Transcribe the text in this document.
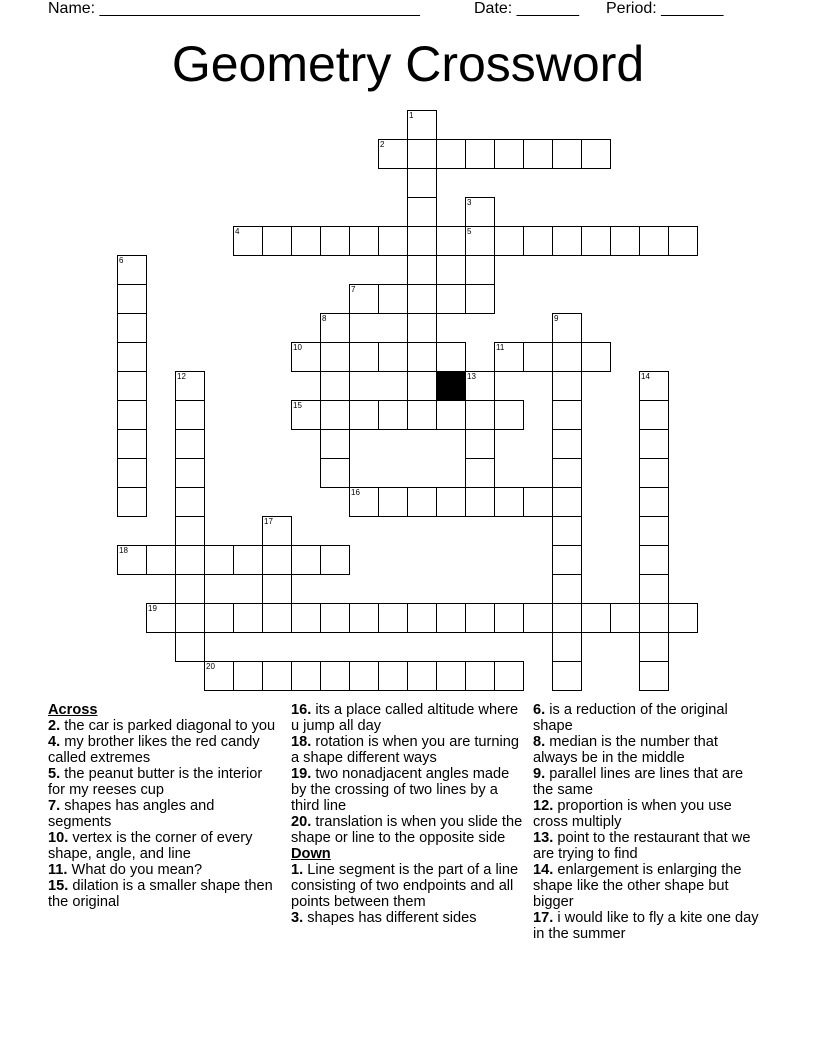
Name: ____________________________________	Date: _______ Period: _______
Geometry Crossword
1
2
3
5
4
6
7
8	9
10	11
12	13	14
15
16
17
18
19
20
Across
2. the car is parked diagonal to you
4. my brother likes the red candy called extremes
5. the peanut butter is the interior for my reeses cup
7. shapes has angles and segments
10. vertex is the corner of every shape, angle, and line
11. What do you mean?
15. dilation is a smaller shape then the original
16. its a place called altitude where u jump all day
18. rotation is when you are turning a shape different ways
19. two nonadjacent angles made by the crossing of two lines by a third line
20. translation is when you slide the shape or line to the opposite side
Down
1. Line segment is the part of a line consisting of two endpoints and all points between them
3. shapes has different sides
6. is a reduction of the original shape
8. median is the number that always be in the middle
9. parallel lines are lines that are the same
12. proportion is when you use cross multiply
13. point to the restaurant that we are trying to find
14. enlargement is enlarging the shape like the other shape but bigger
17. i would like to fly a kite one day in the summer
